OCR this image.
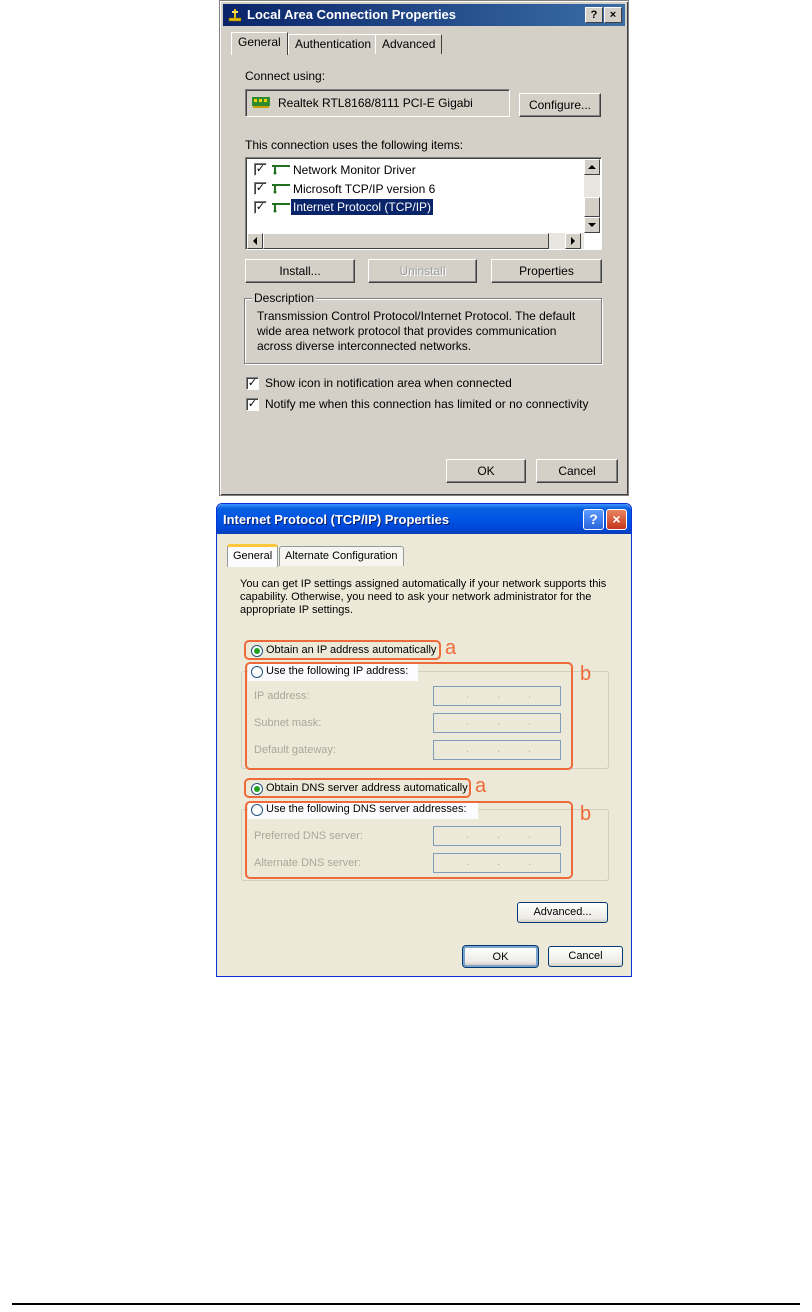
Local Area Connection Properties	?	×
General	Authentication Advanced
Connect using:
Realtek RTL8168/8111 PCI-E Gigabi	Configure...
This connection uses the following items:
✓ Network Monitor Driver
✓ Microsoft TCP/IP version 6
✓ Internet Protocol (TCP/IP)
Install...	Uninstall	Properties
Description
Transmission Control Protocol/Internet Protocol. The default wide area network protocol that provides communication across diverse interconnected networks.
✓ Show icon in notification area when connected
✓ Notify me when this connection has limited or no connectivity
OK	Cancel
Internet Protocol (TCP/IP) Properties	?	×
General	Alternate Configuration
You can get IP settings assigned automatically if your network supports this capability. Otherwise, you need to ask your network administrator for the appropriate IP settings.
Obtain an IP address automatically a
Use the following IP address:
IP address:	.	.	.
Subnet mask:	.	.	.
Default gateway:	.	.	.
b
Obtain DNS server address automatically a
Use the following DNS server addresses:
Preferred DNS server:	.	.	.
Alternate DNS server:	.	.	.
b
Advanced...
OK	Cancel
